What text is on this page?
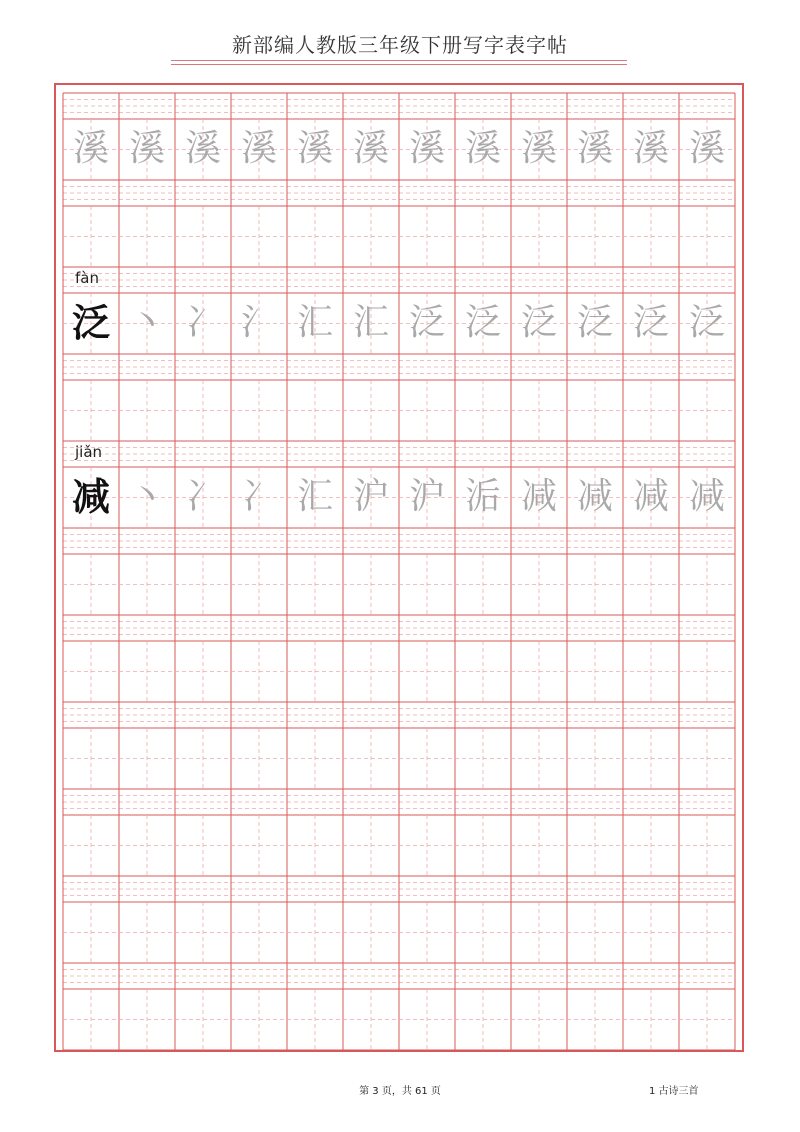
新部编人教版三年级下册写字表字帖
溪 溪 溪 溪 溪 溪 溪 溪 溪 溪 溪 溪
fàn
泛 丶 冫 氵 汇 汇 泛 泛 泛 泛 泛 泛
jiǎn
减 丶 冫 冫 汇 沪 沪 洉 减 减 减 减
第 3 页，共 61 页	1 古诗三首
